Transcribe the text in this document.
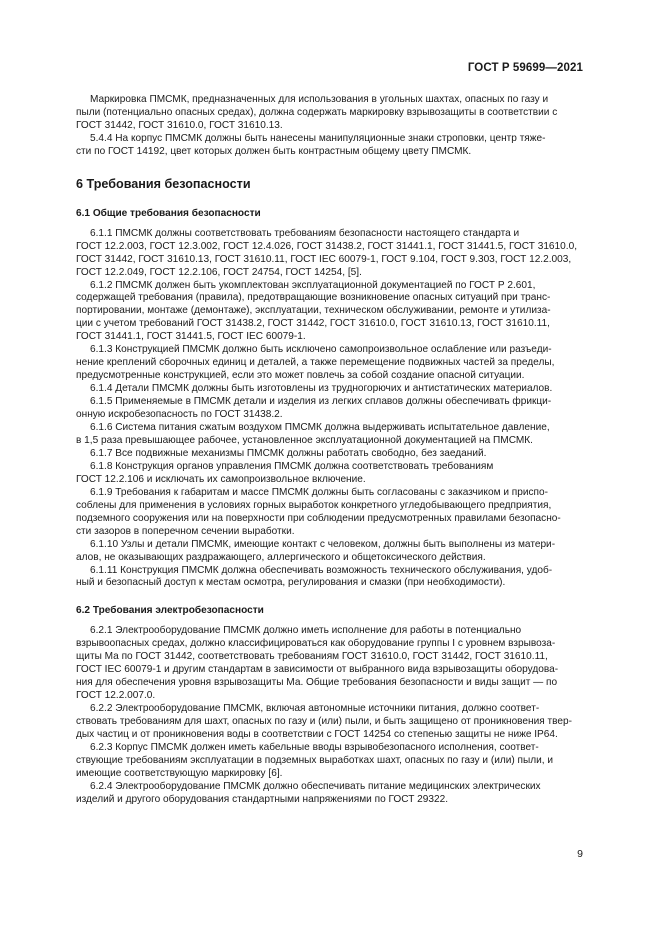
ГОСТ Р 59699—2021

Маркировка ПМСМК, предназначенных для использования в угольных шахтах, опасных по газу и
пыли (потенциально опасных средах), должна содержать маркировку взрывозащиты в соответствии с
ГОСТ 31442, ГОСТ 31610.0, ГОСТ 31610.13.

5.4.4 На корпус ПМСМК должны быть нанесены манипуляционные знаки строповки, центр тяже-
сти по ГОСТ 14192, цвет которых должен быть контрастным общему цвету ПМСМК.

6 Требования безопасности
6.1 Общие требования безопасности

6.1.1 ПМСМК должны соответствовать требованиям безопасности настоящего стандарта и
ГОСТ 12.2.003, ГОСТ 12.3.002, ГОСТ 12.4.026, ГОСТ 31438.2, ГОСТ 31441.1, ГОСТ 31441.5, ГОСТ 31610.0,
ГОСТ 31442, ГОСТ 31610.13, ГОСТ 31610.11, ГОСТ IEC 60079-1, ГОСТ 9.104, ГОСТ 9.303, ГОСТ 12.2.003,
ГОСТ 12.2.049, ГОСТ 12.2.106, ГОСТ 24754, ГОСТ 14254, [5].

6.1.2 ПМСМК должен быть укомплектован эксплуатационной документацией по ГОСТ Р 2.601,
содержащей требования (правила), предотвращающие возникновение опасных ситуаций при транс-
портировании, монтаже (демонтаже), эксплуатации, техническом обслуживании, ремонте и утилиза-
ции с учетом требований ГОСТ 31438.2, ГОСТ 31442, ГОСТ 31610.0, ГОСТ 31610.13, ГОСТ 31610.11,
ГОСТ 31441.1, ГОСТ 31441.5, ГОСТ IEC 60079-1.

6.1.3 Конструкцией ПМСМК должно быть исключено самопроизвольное ослабление или разъеди-
нение креплений сборочных единиц и деталей, а также перемещение подвижных частей за пределы,
предусмотренные конструкцией, если это может повлечь за собой создание опасной ситуации.

6.1.4 Детали ПМСМК должны быть изготовлены из трудногорючих и антистатических материалов.

6.1.5 Применяемые в ПМСМК детали и изделия из легких сплавов должны обеспечивать фрикци-
онную искробезопасность по ГОСТ 31438.2.

6.1.6 Система питания сжатым воздухом ПМСМК должна выдерживать испытательное давление,
в 1,5 раза превышающее рабочее, установленное эксплуатационной документацией на ПМСМК.

6.1.7 Все подвижные механизмы ПМСМК должны работать свободно, без заеданий.

6.1.8 Конструкция органов управления ПМСМК должна соответствовать требованиям
ГОСТ 12.2.106 и исключать их самопроизвольное включение.

6.1.9 Требования к габаритам и массе ПМСМК должны быть согласованы с заказчиком и приспо-
соблены для применения в условиях горных выработок конкретного угледобывающего предприятия,
подземного сооружения или на поверхности при соблюдении предусмотренных правилами безопасно-
сти зазоров в поперечном сечении выработки.

6.1.10 Узлы и детали ПМСМК, имеющие контакт с человеком, должны быть выполнены из матери-
алов, не оказывающих раздражающего, аллергического и общетоксического действия.

6.1.11 Конструкция ПМСМК должна обеспечивать возможность технического обслуживания, удоб-
ный и безопасный доступ к местам осмотра, регулирования и смазки (при необходимости).

6.2 Требования электробезопасности

6.2.1 Электрооборудование ПМСМК должно иметь исполнение для работы в потенциально
взрывоопасных средах, должно классифицироваться как оборудование группы I с уровнем взрывоза-
щиты Ма по ГОСТ 31442, соответствовать требованиям ГОСТ 31610.0, ГОСТ 31442, ГОСТ 31610.11,
ГОСТ IEC 60079-1 и другим стандартам в зависимости от выбранного вида взрывозащиты оборудова-
ния для обеспечения уровня взрывозащиты Ма. Общие требования безопасности и виды защит — по
ГОСТ 12.2.007.0.

6.2.2 Электрооборудование ПМСМК, включая автономные источники питания, должно соответ-
ствовать требованиям для шахт, опасных по газу и (или) пыли, и быть защищено от проникновения твер-
дых частиц и от проникновения воды в соответствии с ГОСТ 14254 со степенью защиты не ниже IP64.

6.2.3 Корпус ПМСМК должен иметь кабельные вводы взрывобезопасного исполнения, соответ-
ствующие требованиям эксплуатации в подземных выработках шахт, опасных по газу и (или) пыли, и
имеющие соответствующую маркировку [6].

6.2.4 Электрооборудование ПМСМК должно обеспечивать питание медицинских электрических
изделий и другого оборудования стандартными напряжениями по ГОСТ 29322.

9
